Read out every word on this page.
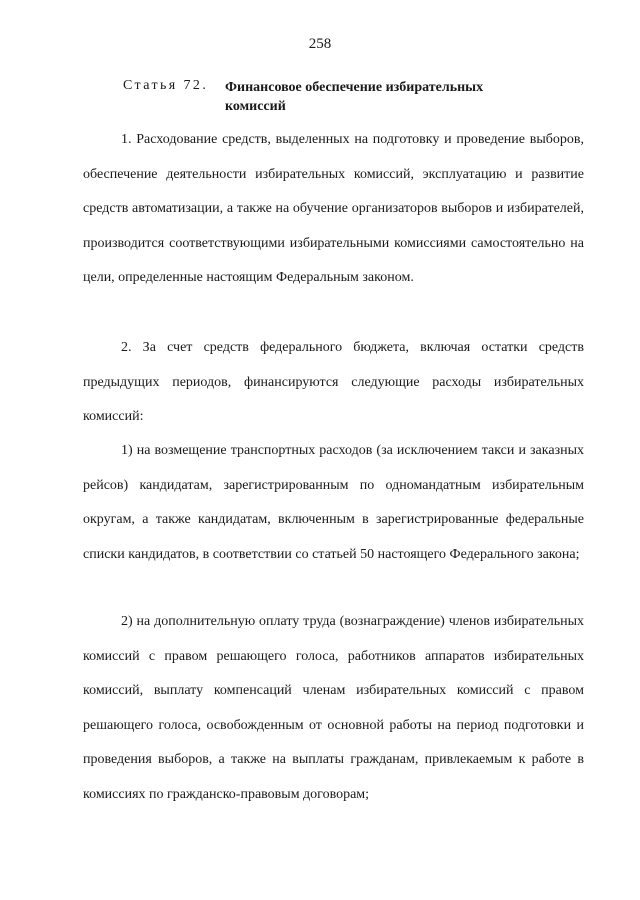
258
Статья 72. Финансовое обеспечение избирательных комиссий

1. Расходование средств, выделенных на подготовку и проведение выборов, обеспечение деятельности избирательных комиссий, эксплуатацию и развитие средств автоматизации, а также на обучение организаторов выборов и избирателей, производится соответствующими избирательными комиссиями самостоятельно на цели, определенные настоящим Федеральным законом.

2. За счет средств федерального бюджета, включая остатки средств предыдущих периодов, финансируются следующие расходы избирательных комиссий:

1) на возмещение транспортных расходов (за исключением такси и заказных рейсов) кандидатам, зарегистрированным по одномандатным избирательным округам, а также кандидатам, включенным в зарегистрированные федеральные списки кандидатов, в соответствии со статьей 50 настоящего Федерального закона;

2) на дополнительную оплату труда (вознаграждение) членов избирательных комиссий с правом решающего голоса, работников аппаратов избирательных комиссий, выплату компенсаций членам избирательных комиссий с правом решающего голоса, освобожденным от основной работы на период подготовки и проведения выборов, а также на выплаты гражданам, привлекаемым к работе в комиссиях по гражданско-правовым договорам;
